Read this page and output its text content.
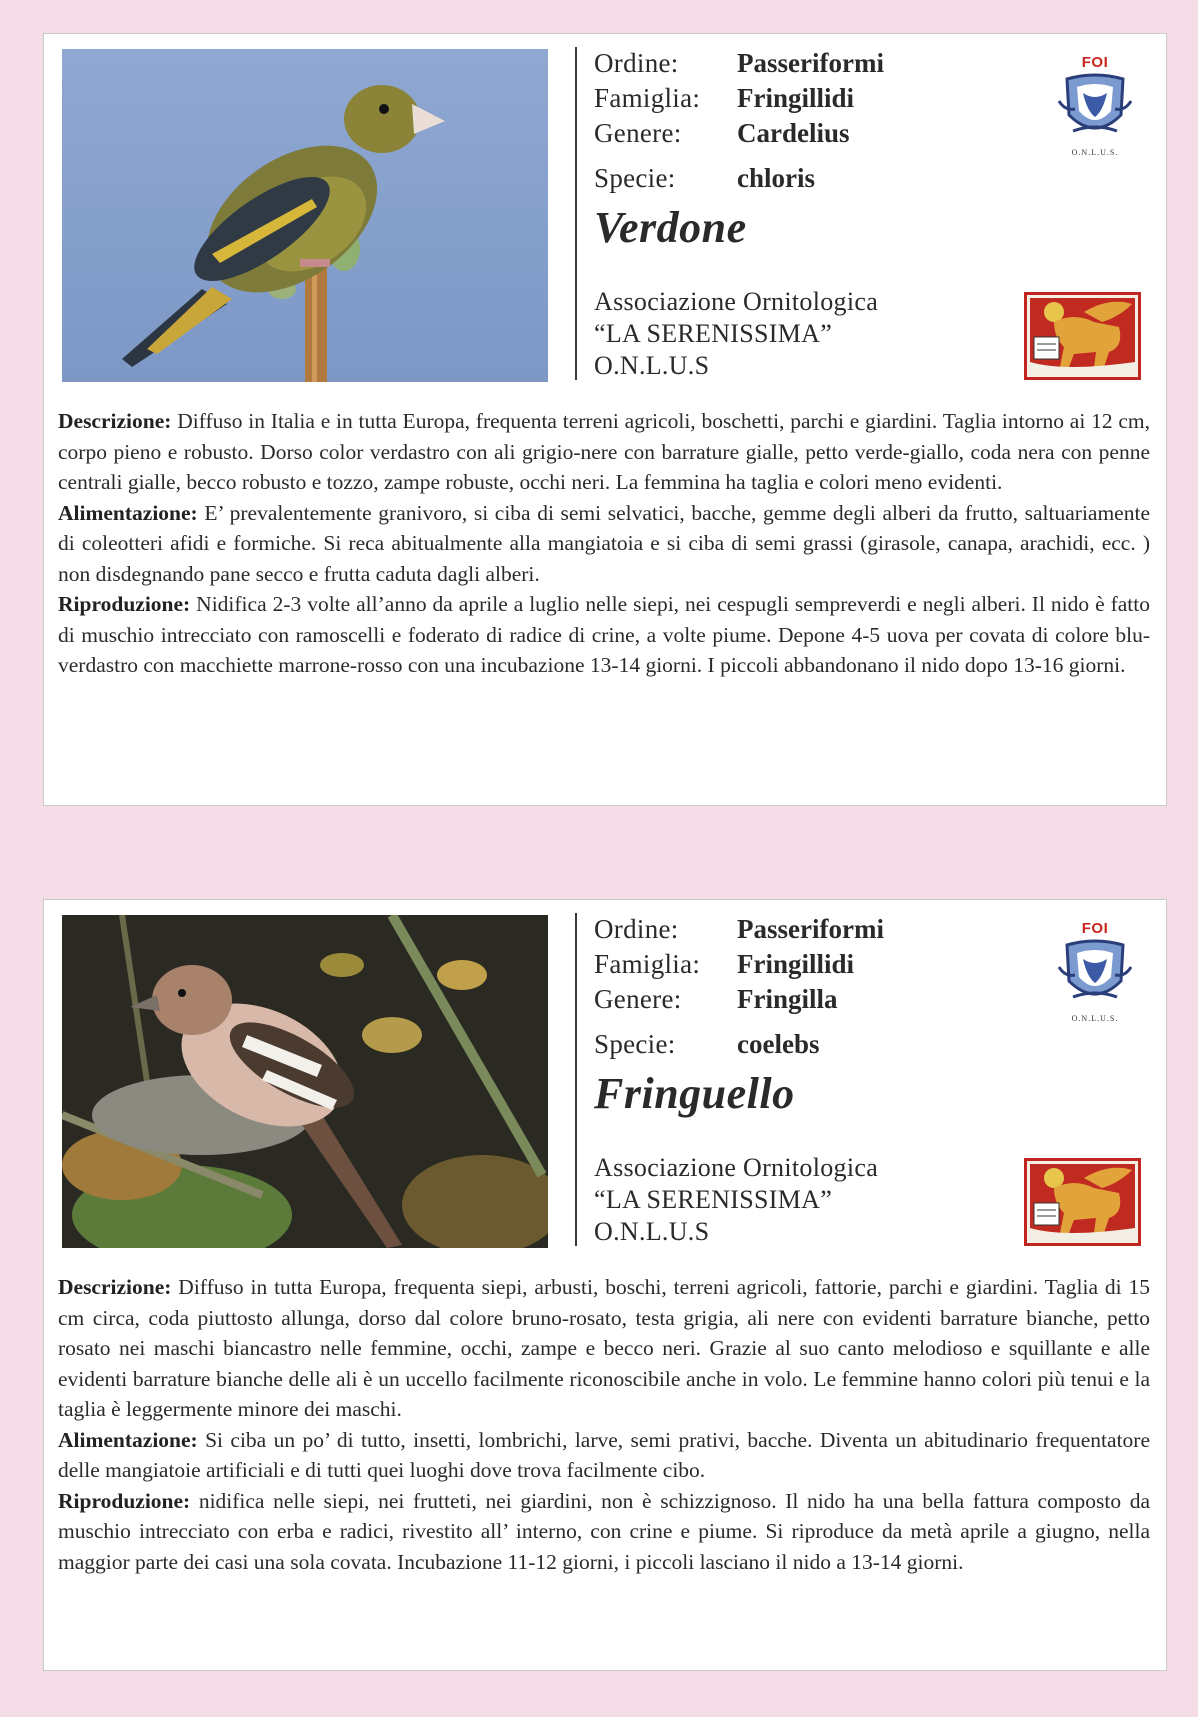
Ordine:	Passeriformi
Famiglia:	Fringillidi
Genere:	Cardelius
Specie:	chloris
Verdone
Associazione Ornitologica
“LA SERENISSIMA”
O.N.L.U.S
FOI
O.N.L.U.S.

Descrizione: Diffuso in Italia e in tutta Europa, frequenta terreni agricoli, boschetti, parchi e giardini. Taglia intorno ai 12 cm, corpo pieno e robusto. Dorso color verdastro con ali grigio-nere con barrature gialle, petto verde-giallo, coda nera con penne centrali gialle, becco robusto e tozzo, zampe robuste, occhi neri. La femmina ha taglia e colori meno evidenti.

Alimentazione: E’ prevalentemente granivoro, si ciba di semi selvatici, bacche, gemme degli alberi da frutto, saltuariamente di coleotteri afidi e formiche. Si reca abitualmente alla mangiatoia e si ciba di semi grassi (girasole, canapa, arachidi, ecc. ) non disdegnando pane secco e frutta caduta dagli alberi.

Riproduzione: Nidifica 2-3 volte all’anno da aprile a luglio nelle siepi, nei cespugli sempreverdi e negli alberi. Il nido è fatto di muschio intrecciato con ramoscelli e foderato di radice di crine, a volte piume. Depone 4-5 uova per covata di colore blu-verdastro con macchiette marrone-rosso con una incubazione 13-14 giorni. I piccoli abbandonano il nido dopo 13-16 giorni.

Ordine:	Passeriformi
Famiglia:	Fringillidi
Genere:	Fringilla
Specie:	coelebs
Fringuello
Associazione Ornitologica
“LA SERENISSIMA”
O.N.L.U.S
FOI
O.N.L.U.S.

Descrizione: Diffuso in tutta Europa, frequenta siepi, arbusti, boschi, terreni agricoli, fattorie, parchi e giardini. Taglia di 15 cm circa, coda piuttosto allunga, dorso dal colore bruno-rosato, testa grigia, ali nere con evidenti barrature bianche, petto rosato nei maschi biancastro nelle femmine, occhi, zampe e becco neri. Grazie al suo canto melodioso e squillante e alle evidenti barrature bianche delle ali è un uccello facilmente riconoscibile anche in volo. Le femmine hanno colori più tenui e la taglia è leggermente minore dei maschi.

Alimentazione: Si ciba un po’ di tutto, insetti, lombrichi, larve, semi prativi, bacche. Diventa un abitudinario frequentatore delle mangiatoie artificiali e di tutti quei luoghi dove trova facilmente cibo.

Riproduzione: nidifica nelle siepi, nei frutteti, nei giardini, non è schizzignoso. Il nido ha una bella fattura composto da muschio intrecciato con erba e radici, rivestito all’ interno, con crine e piume. Si riproduce da metà aprile a giugno, nella maggior parte dei casi una sola covata. Incubazione 11-12 giorni, i piccoli lasciano il nido a 13-14 giorni.
